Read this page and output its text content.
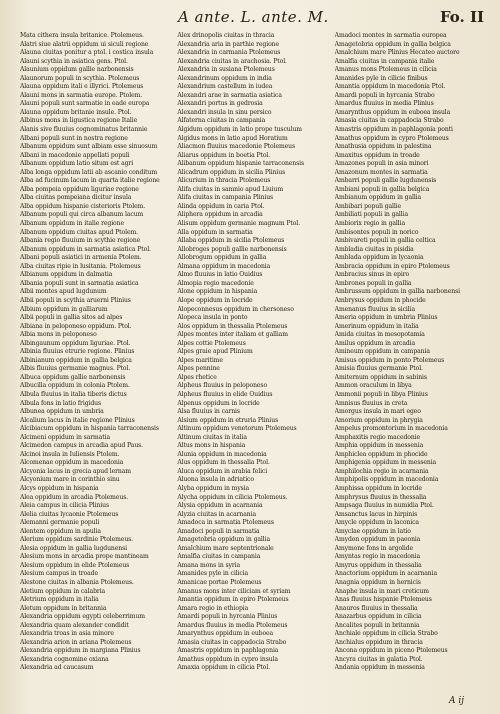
A ante. L. ante. M.	Fo. II
Mata cithera insula britanice. Ptolemeus.
Alatri siue alatrii oppidum ui siculi regione
Alauna ciuitas ponitur a ptol. i costica insula
Alauni scythia in asiatica gens. Ptol.
Alaunium oppidum gallie narbonensis
Alaunorum populi in scythia. Ptolemeus
Alauna oppidum itali e illyrici. Ptolemeus
Alauni mons in sarmatia europe. Ptolem.
Alauni populi sunt sarmatie in eade europa
Alauna oppidum britanie insule. Ptol.
Albinus mons in ligustica regione Italie
Alanis sive fluuius cognominatus britannie
Albani populi sunt in nostra regione
Albanum oppidum sunt albiam esse sinuosum
Albani in macedonie appellati populi
Albanum oppidum latio situm est agri
Alba longa oppidum latii ab ascanio conditum
Alba ad fucinum lacum in quarta italie regione
Alba pompeia oppidum liguriae regione
Alba ciuitas pompeiana dicitur insula
Alba oppidum hispanie cisterioris Ptolem.
Albanum populi qui circa albanum lacum
Albanum oppidum in italie regione
Albanum oppidum ciuitas apud Ptolem.
Albania regio fluuium in scythie regione
Albanum oppidum in sarmatia asiatica Ptol.
Albani populi asiatici in armenia Ptolem.
Alba ciuitas ripie in lusitania. Ptolemeus
Albianum oppidum in dalmatia
Albania populi sunt in sarmatia asiatica
Albii montes apud lugdunum
Albii populi in scythia aruerni Plinius
Albium oppidum in galliarum
Albii populi in gallia sitos ad alpes
Albiana in peloponeso oppidum. Ptol.
Albia mons in peloponeso
Albingaunum oppidum liguriae. Ptol.
Albinia fluuius etrurie regione. Plinius
Albinianum oppidum in gallia belgica
Albis fluuius germanie magnus. Ptol.
Albuca oppidum gallie narbonensis
Albucilla oppidum in colonia Ptolem.
Albula fluuius in italia tiberis dictus
Albula fons in latio frigidus
Albunea oppidum in umbria
Alcalium lacus in italie regione Plinius
Alcibiacum oppidum in hispania tarraconensis
Alcimeni oppidum in sarmatia
Alcimedon campus in arcadia apud Paus.
Alcinoi insula in Iuliensis Ptolem.
Alcomenae oppidum in macedonia
Alcyonia lacus in grecia apud lernam
Alcyonium mare in corinthio sinu
Alcys oppidum in hispania
Alea oppidum in arcadia Ptolemeus.
Aleia campus in cilicia Plinius
Alelia ciuitas lycaonie Ptolemeus
Alemanni germanie populi
Alentem oppidum in apulia
Alerium oppidum sardinie Ptolemeus.
Alesia oppidum in gallia lugdunensi
Alesium mons in arcadia prope mantineam
Alesium oppidum in elide Ptolemeus
Alesium campus in troade
Alestone ciuitas in albania Ptolemeus.
Aletium oppidum in calabria
Aletrium oppidum in italia
Aletum oppidum in britannia
Alexandria oppidum egypti celeberrimum
Alexandria quam alexander condidit
Alexandria troas in asia minore
Alexandria arion in ariana Ptolemeus
Alexandria oppidum in margiana Plinius
Alexandria cognomine oxiana
Alexandria ad caucasum
Alex drinopolis ciuitas in thracia
Alexandria aria in parthie regione
Alexandria in carmania Ptolemeus
Alexandria ciuitas in arachosia. Ptol.
Alexandria in susiana Ptolemeus
Alexandrinum oppidum in india
Alexandrium castellum in iudea
Alexandri arae in sarmatia asiatica
Alexandri portus in gedrosia
Alexandri insula in sinu persico
Alfaterna ciuitas in campania
Algidum oppidum in latio prope tusculum
Algidus mons in latio apud Horatium
Aliacmon fluuius macedonie Ptolemeus
Aliarus oppidum in boetia Ptol.
Alibanum oppidum hispanie tarraconensis
Alicadrum oppidum in sicilia Plinius
Alicurium in thracia Ptolemeus
Alifa ciuitas in samnio apud Liuium
Alifa ciuitas in campania Plinius
Alinda oppidum in caria Ptol.
Aliphera oppidum in arcadia
Alisum oppidum germanie magnum Ptol.
Alla oppidum in sarmatia
Allaba oppidum in sicilia Ptolemeus
Allobroges populi gallie narbonensis
Allobrogum oppidum in gallia
Almana oppidum in macedonia
Almo fluuius in latio Ouidius
Almopia regio macedonie
Alone oppidum in hispania
Alope oppidum in locride
Alopeconnesus oppidum in chersoneso
Alopeca insula in ponto
Alos oppidum in thessalia Ptolemeus
Alpes montes inter italiam et galliam
Alpes cottie Ptolemeus
Alpes graie apud Plinium
Alpes maritime
Alpes pennine
Alpes rhetice
Alpheus fluuius in peloponeso
Alpheus fluuius in elide Ouidius
Alpenus oppidum in locride
Alsa fluuius in carnis
Alsium oppidum in etruria Plinius
Altinum oppidum venetorum Ptolemeus
Altinum ciuitas in italia
Altus mons in hispania
Alunia oppidum in macedonia
Alus oppidum in thessalia Ptol.
Aluca oppidum in arabia felici
Aluona insula in adriatico
Alyba oppidum in mysia
Alycha oppidum in cilicia Ptolemeus.
Alysia oppidum in acarnania
Alyzia ciuitas in acarnania
Amadoca in sarmatia Ptolemeus
Amadoci populi in sarmatia
Amagetobria oppidum in gallia
Amalchium mare septentrionale
Amalfia ciuitas in campania
Amana mons in syria
Amanides pyle in cilicia
Amanicae portae Ptolemeus
Amanus mons inter ciliciam et syriam
Amantia oppidum in epiro Ptolemeus
Amara regio in ethiopia
Amardi populi in hyrcania Plinius
Amardus fluuius in media Ptolemeus
Amarynthus oppidum in euboea
Amasia ciuitas in cappadocia Strabo
Amastris oppidum in paphlagonia
Amathus oppidum in cypro insula
Amaxia oppidum in cilicia Ptol.
Amadoci montes in sarmatia europea
Amagetobria oppidum in gallia belgica
Amalchium mare Plinius Hecateo auctore
Amalfia ciuitas in campania italie
Amanus mons Ptolemeus in cilicia
Amanides pyle in cilicie finibus
Amantia oppidum in macedonia Ptol.
Amardi populi in hyrcania Strabo
Amardus fluuius in media Plinius
Amarynthus oppidum in euboea insula
Amasia ciuitas in cappadocia Strabo
Amastris oppidum in paphlagonia ponti
Amathus oppidum in cypro Ptolemeus
Amathusia oppidum in palestina
Amaxitus oppidum in troade
Amazones populi in asia minori
Amazonum montes in sarmatia
Ambarri populi gallie lugdunensis
Ambiani populi in gallia belgica
Ambianum oppidum in gallia
Ambibari populi gallie
Ambiliati populi in gallia
Ambiorix regio in gallia
Ambisontes populi in norico
Ambivareti populi in gallia celtica
Ambladia ciuitas in pisidia
Amblada oppidum in lycaonia
Ambracia oppidum in epiro Ptolemeus
Ambracius sinus in epiro
Ambrones populi in gallia
Ambrussum oppidum in gallia narbonensi
Ambrysus oppidum in phocide
Amenanus fluuius in sicilia
Ameria oppidum in umbria Plinius
Amerinum oppidum in italia
Amida ciuitas in mesopotamia
Amilus oppidum in arcadia
Amineum oppidum in campania
Amisus oppidum in ponto Ptolemeus
Amisia fluuius germanie Ptol.
Amiternum oppidum in sabinis
Ammon oraculum in libya
Ammonii populi in libya Plinius
Amnisus fluuius in creta
Amorgus insula in mari egeo
Amorium oppidum in phrygia
Ampelus promontorium in macedonia
Amphaxitis regio macedonie
Amphia oppidum in messenia
Amphiclea oppidum in phocide
Amphigenia oppidum in messenia
Amphilochia regio in acarnania
Amphipolis oppidum in macedonia
Amphissa oppidum in locride
Amphrysus fluuius in thessalia
Ampsaga fluuius in numidia Ptol.
Amsanctus lacus in hirpinis
Amycle oppidum in laconica
Amyclae oppidum in latio
Amydon oppidum in paeonia
Amymone fons in argolide
Amyntas regio in macedonia
Amyrus oppidum in thessalia
Anactorium oppidum in acarnania
Anagnia oppidum in hernicis
Anaphe insula in mari creticum
Anas fluuius hispanie Ptolemeus
Anauros fluuius in thessalia
Anazarbus oppidum in cilicia
Ancalites populi in britannia
Anchiale oppidum in cilicia Strabo
Anchialus oppidum in thracia
Ancona oppidum in piceno Ptolemeus
Ancyra ciuitas in galatia Ptol.
Andania oppidum in messenia
A ij
